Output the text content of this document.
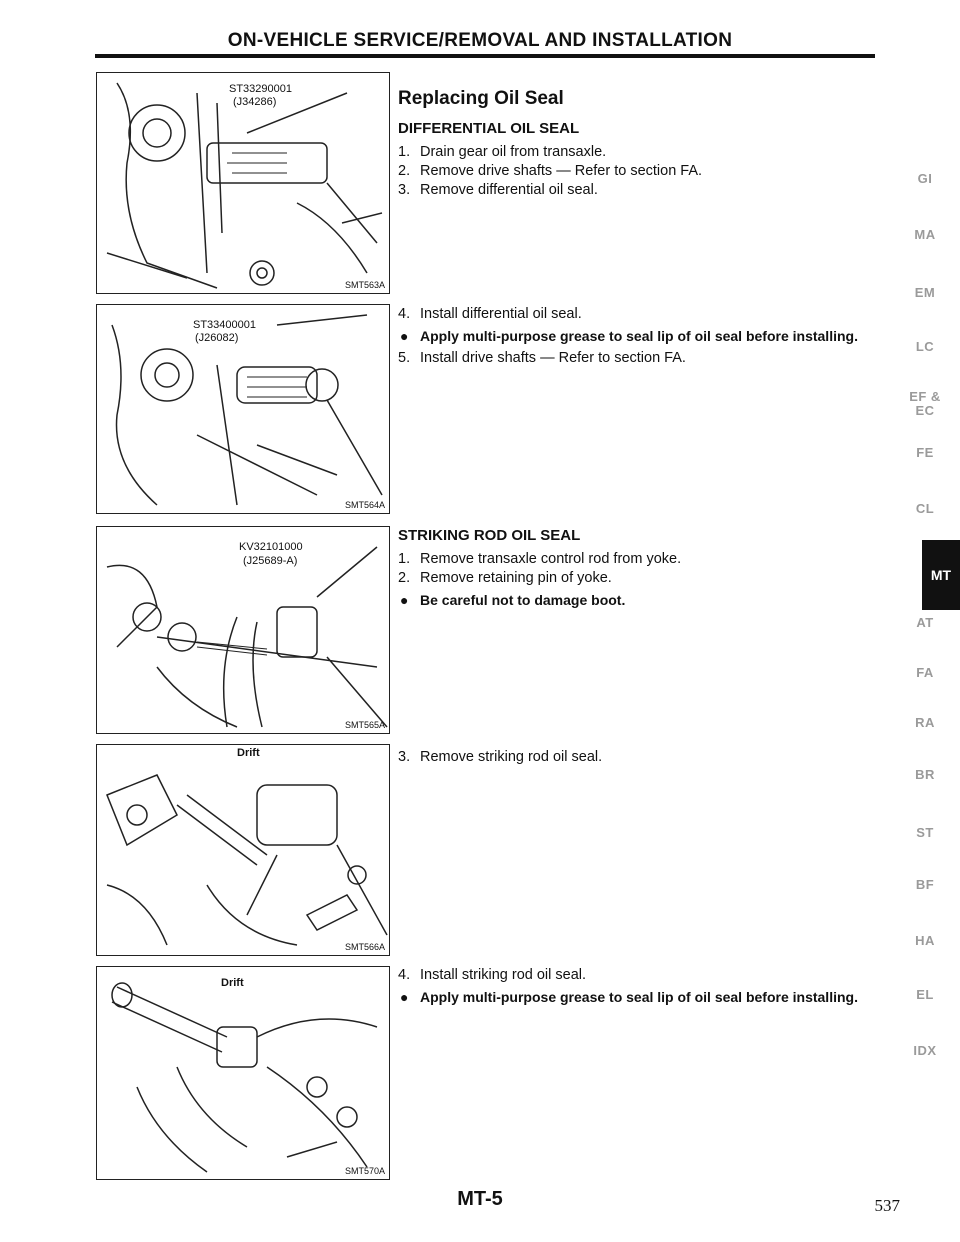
ON-VEHICLE SERVICE/REMOVAL AND INSTALLATION
ST33290001
(J34286)
SMT563A
ST33400001
(J26082)
SMT564A
KV32101000
(J25689-A)
SMT565A
Drift
SMT566A
Drift
SMT570A
Replacing Oil Seal
DIFFERENTIAL OIL SEAL
1. Drain gear oil from transaxle.
2. Remove drive shafts — Refer to section FA.
3. Remove differential oil seal.
4. Install differential oil seal.
● Apply multi-purpose grease to seal lip of oil seal before installing.
5. Install drive shafts — Refer to section FA.
STRIKING ROD OIL SEAL
1. Remove transaxle control rod from yoke.
2. Remove retaining pin of yoke.
● Be careful not to damage boot.
3. Remove striking rod oil seal.
4. Install striking rod oil seal.
● Apply multi-purpose grease to seal lip of oil seal before installing.
GI
MA
EM
LC
EF &
EC
FE
CL
MT
AT
FA
RA
BR
ST
BF
HA
EL
IDX
MT-5	537
